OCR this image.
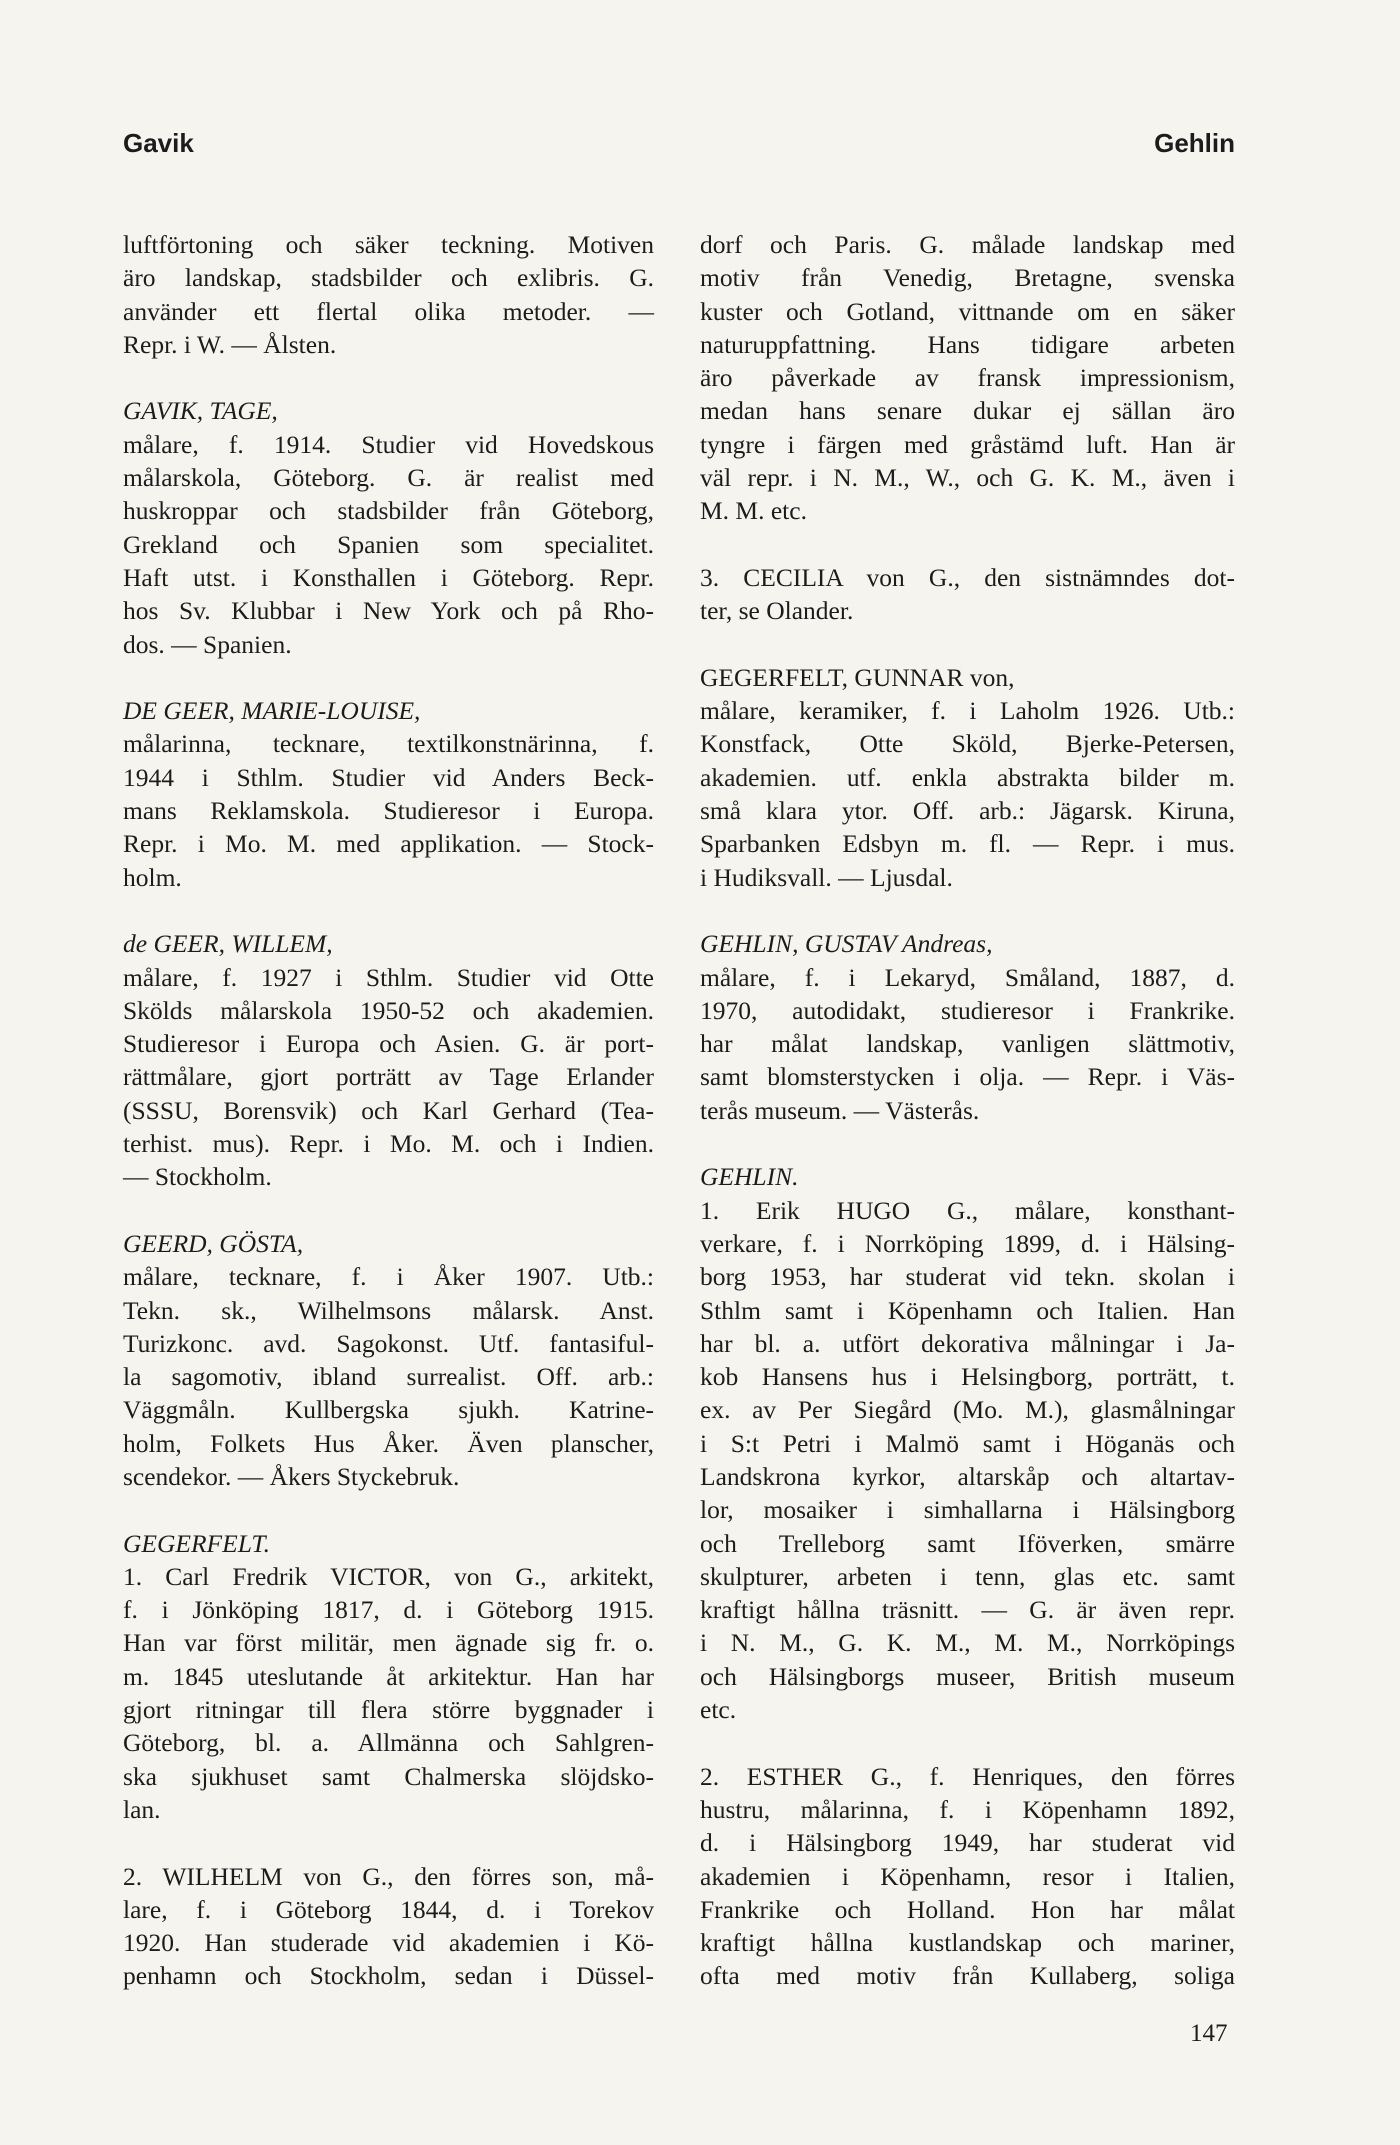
Gavik	Gehlin
luftförtoning och säker teckning. Motiven
äro landskap, stadsbilder och exlibris. G.
använder ett flertal olika metoder. —
Repr. i W. — Ålsten.
GAVIK, TAGE,
målare, f. 1914. Studier vid Hovedskous
målarskola, Göteborg. G. är realist med
huskroppar och stadsbilder från Göteborg,
Grekland och Spanien som specialitet.
Haft utst. i Konsthallen i Göteborg. Repr.
hos Sv. Klubbar i New York och på Rho-
dos. — Spanien.
DE GEER, MARIE-LOUISE,
målarinna, tecknare, textilkonstnärinna, f.
1944 i Sthlm. Studier vid Anders Beck-
mans Reklamskola. Studieresor i Europa.
Repr. i Mo. M. med applikation. — Stock-
holm.
de GEER, WILLEM,
målare, f. 1927 i Sthlm. Studier vid Otte
Skölds målarskola 1950-52 och akademien.
Studieresor i Europa och Asien. G. är port-
rättmålare, gjort porträtt av Tage Erlander
(SSSU, Borensvik) och Karl Gerhard (Tea-
terhist. mus). Repr. i Mo. M. och i Indien.
— Stockholm.
GEERD, GÖSTA,
målare, tecknare, f. i Åker 1907. Utb.:
Tekn. sk., Wilhelmsons målarsk. Anst.
Turizkonc. avd. Sagokonst. Utf. fantasiful-
la sagomotiv, ibland surrealist. Off. arb.:
Väggmåln. Kullbergska sjukh. Katrine-
holm, Folkets Hus Åker. Även planscher,
scendekor. — Åkers Styckebruk.
GEGERFELT.
1. Carl Fredrik VICTOR, von G., arkitekt,
f. i Jönköping 1817, d. i Göteborg 1915.
Han var först militär, men ägnade sig fr. o.
m. 1845 uteslutande åt arkitektur. Han har
gjort ritningar till flera större byggnader i
Göteborg, bl. a. Allmänna och Sahlgren-
ska sjukhuset samt Chalmerska slöjdsko-
lan.
2. WILHELM von G., den förres son, må-
lare, f. i Göteborg 1844, d. i Torekov
1920. Han studerade vid akademien i Kö-
penhamn och Stockholm, sedan i Düssel-
dorf och Paris. G. målade landskap med
motiv från Venedig, Bretagne, svenska
kuster och Gotland, vittnande om en säker
naturuppfattning. Hans tidigare arbeten
äro påverkade av fransk impressionism,
medan hans senare dukar ej sällan äro
tyngre i färgen med gråstämd luft. Han är
väl repr. i N. M., W., och G. K. M., även i
M. M. etc.
3. CECILIA von G., den sistnämndes dot-
ter, se Olander.
GEGERFELT, GUNNAR von,
målare, keramiker, f. i Laholm 1926. Utb.:
Konstfack, Otte Sköld, Bjerke-Petersen,
akademien. utf. enkla abstrakta bilder m.
små klara ytor. Off. arb.: Jägarsk. Kiruna,
Sparbanken Edsbyn m. fl. — Repr. i mus.
i Hudiksvall. — Ljusdal.
GEHLIN, GUSTAV Andreas,
målare, f. i Lekaryd, Småland, 1887, d.
1970, autodidakt, studieresor i Frankrike.
har målat landskap, vanligen slättmotiv,
samt blomsterstycken i olja. — Repr. i Väs-
terås museum. — Västerås.
GEHLIN.
1. Erik HUGO G., målare, konsthant-
verkare, f. i Norrköping 1899, d. i Hälsing-
borg 1953, har studerat vid tekn. skolan i
Sthlm samt i Köpenhamn och Italien. Han
har bl. a. utfört dekorativa målningar i Ja-
kob Hansens hus i Helsingborg, porträtt, t.
ex. av Per Siegård (Mo. M.), glasmålningar
i S:t Petri i Malmö samt i Höganäs och
Landskrona kyrkor, altarskåp och altartav-
lor, mosaiker i simhallarna i Hälsingborg
och Trelleborg samt Iföverken, smärre
skulpturer, arbeten i tenn, glas etc. samt
kraftigt hållna träsnitt. — G. är även repr.
i N. M., G. K. M., M. M., Norrköpings
och Hälsingborgs museer, British museum
etc.
2. ESTHER G., f. Henriques, den förres
hustru, målarinna, f. i Köpenhamn 1892,
d. i Hälsingborg 1949, har studerat vid
akademien i Köpenhamn, resor i Italien,
Frankrike och Holland. Hon har målat
kraftigt hållna kustlandskap och mariner,
ofta med motiv från Kullaberg, soliga
147
